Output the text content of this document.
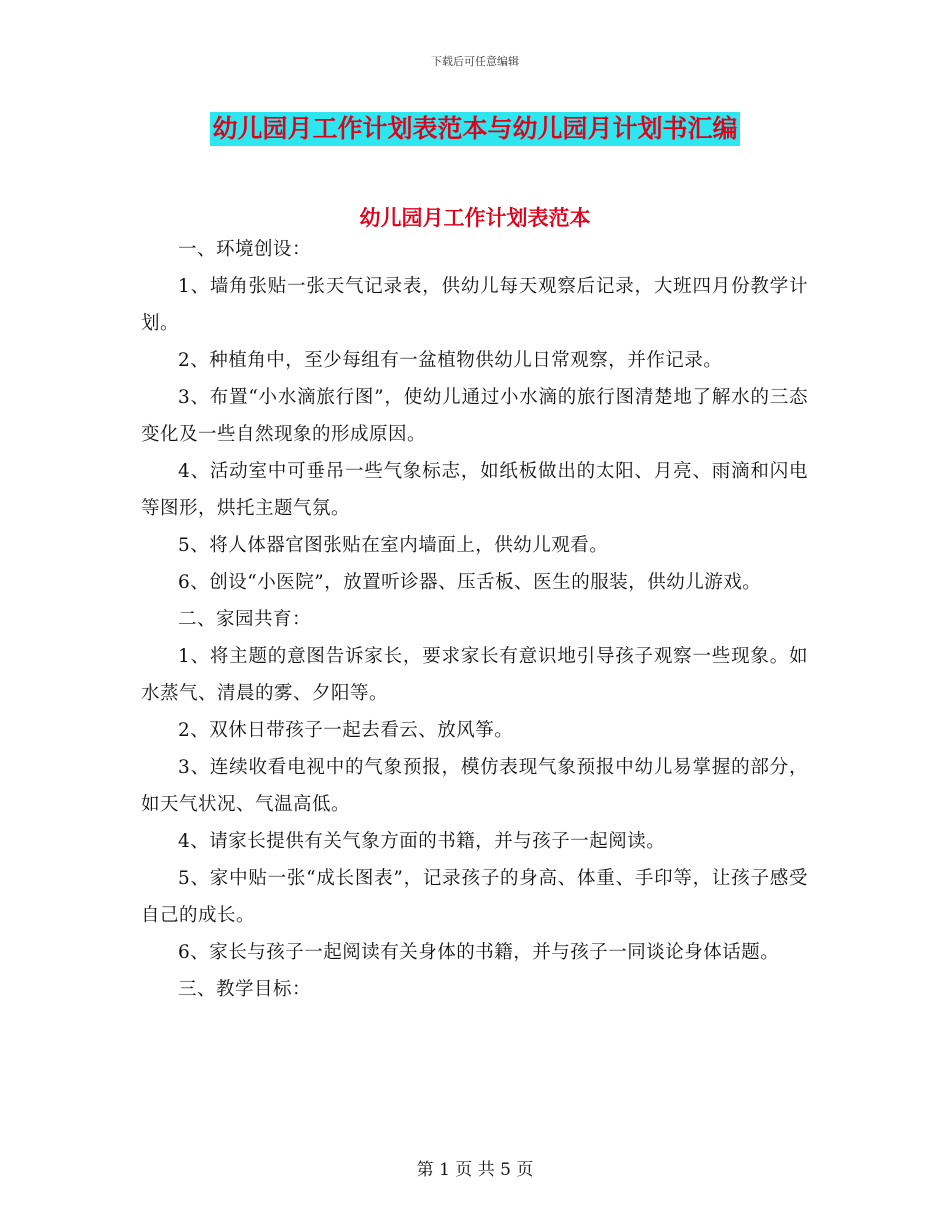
下载后可任意编辑
幼儿园月工作计划表范本与幼儿园月计划书汇编
幼儿园月工作计划表范本

一、环境创设：

1、墙角张贴一张天气记录表，供幼儿每天观察后记录，大班四月份教学计划。

2、种植角中，至少每组有一盆植物供幼儿日常观察，并作记录。

3、布置“小水滴旅行图”，使幼儿通过小水滴的旅行图清楚地了解水的三态变化及一些自然现象的形成原因。

4、活动室中可垂吊一些气象标志，如纸板做出的太阳、月亮、雨滴和闪电等图形，烘托主题气氛。

5、将人体器官图张贴在室内墙面上，供幼儿观看。

6、创设“小医院”，放置听诊器、压舌板、医生的服装，供幼儿游戏。

二、家园共育：

1、将主题的意图告诉家长，要求家长有意识地引导孩子观察一些现象。如水蒸气、清晨的雾、夕阳等。

2、双休日带孩子一起去看云、放风筝。

3、连续收看电视中的气象预报，模仿表现气象预报中幼儿易掌握的部分，如天气状况、气温高低。

4、请家长提供有关气象方面的书籍，并与孩子一起阅读。

5、家中贴一张“成长图表”，记录孩子的身高、体重、手印等，让孩子感受自己的成长。

6、家长与孩子一起阅读有关身体的书籍，并与孩子一同谈论身体话题。

三、教学目标：

第 1 页 共 5 页
